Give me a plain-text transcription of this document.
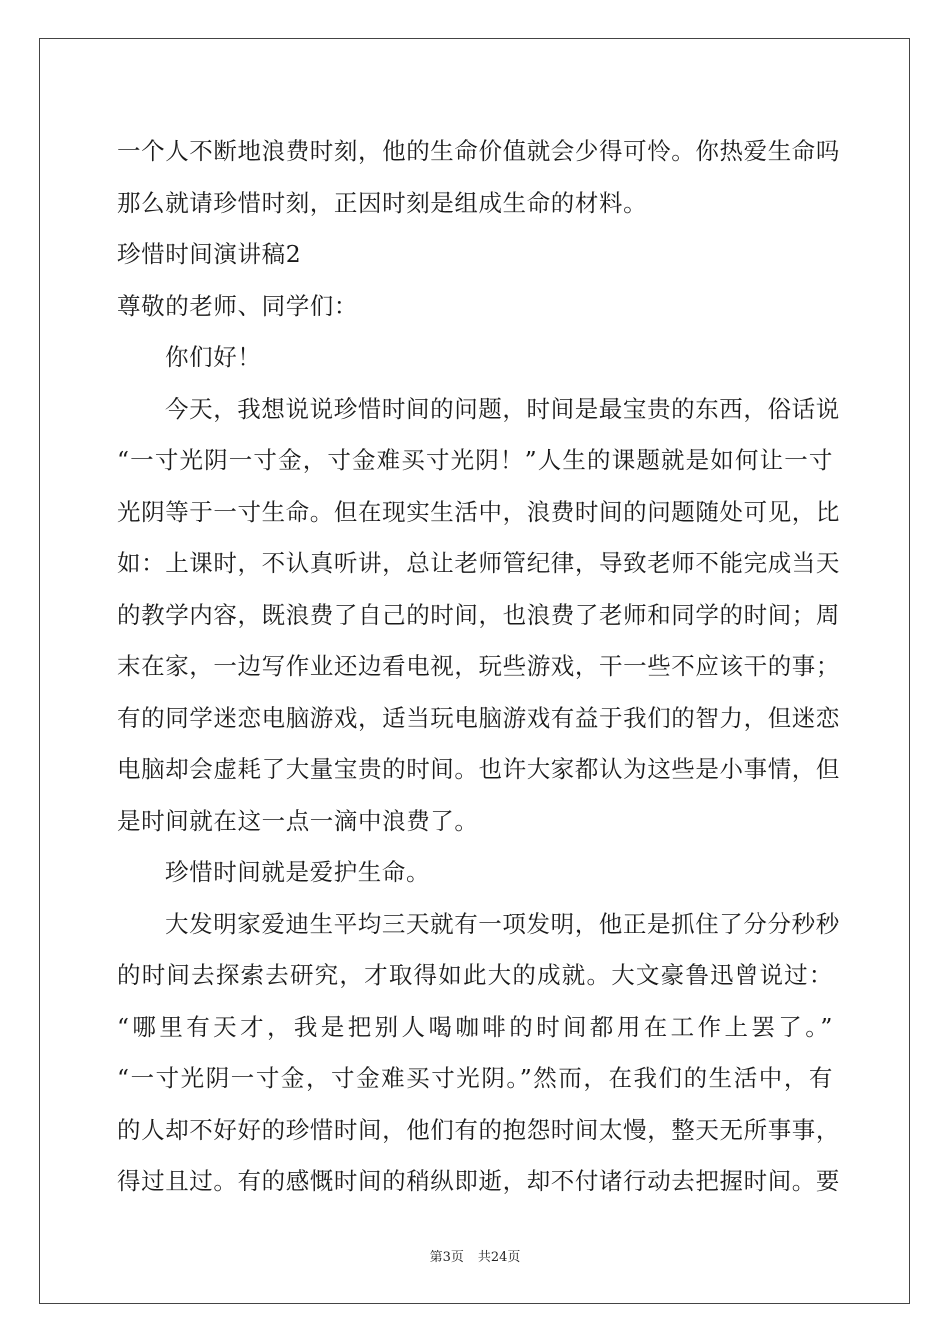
一个人不断地浪费时刻，他的生命价值就会少得可怜。你热爱生命吗
那么就请珍惜时刻，正因时刻是组成生命的材料。
珍惜时间演讲稿2
尊敬的老师、同学们：
你们好！
今天，我想说说珍惜时间的问题，时间是最宝贵的东西，俗话说
“一寸光阴一寸金，寸金难买寸光阴！”人生的课题就是如何让一寸
光阴等于一寸生命。但在现实生活中，浪费时间的问题随处可见，比
如：上课时，不认真听讲，总让老师管纪律，导致老师不能完成当天
的教学内容，既浪费了自己的时间，也浪费了老师和同学的时间；周
末在家，一边写作业还边看电视，玩些游戏，干一些不应该干的事；
有的同学迷恋电脑游戏，适当玩电脑游戏有益于我们的智力，但迷恋
电脑却会虚耗了大量宝贵的时间。也许大家都认为这些是小事情，但
是时间就在这一点一滴中浪费了。
珍惜时间就是爱护生命。
大发明家爱迪生平均三天就有一项发明，他正是抓住了分分秒秒
的时间去探索去研究，才取得如此大的成就。大文豪鲁迅曾说过：
“哪里有天才，我是把别人喝咖啡的时间都用在工作上罢了。”
“一寸光阴一寸金，寸金难买寸光阴。”然而，在我们的生活中，有
的人却不好好的珍惜时间，他们有的抱怨时间太慢，整天无所事事，
得过且过。有的感慨时间的稍纵即逝，却不付诸行动去把握时间。要
第3页 共24页
